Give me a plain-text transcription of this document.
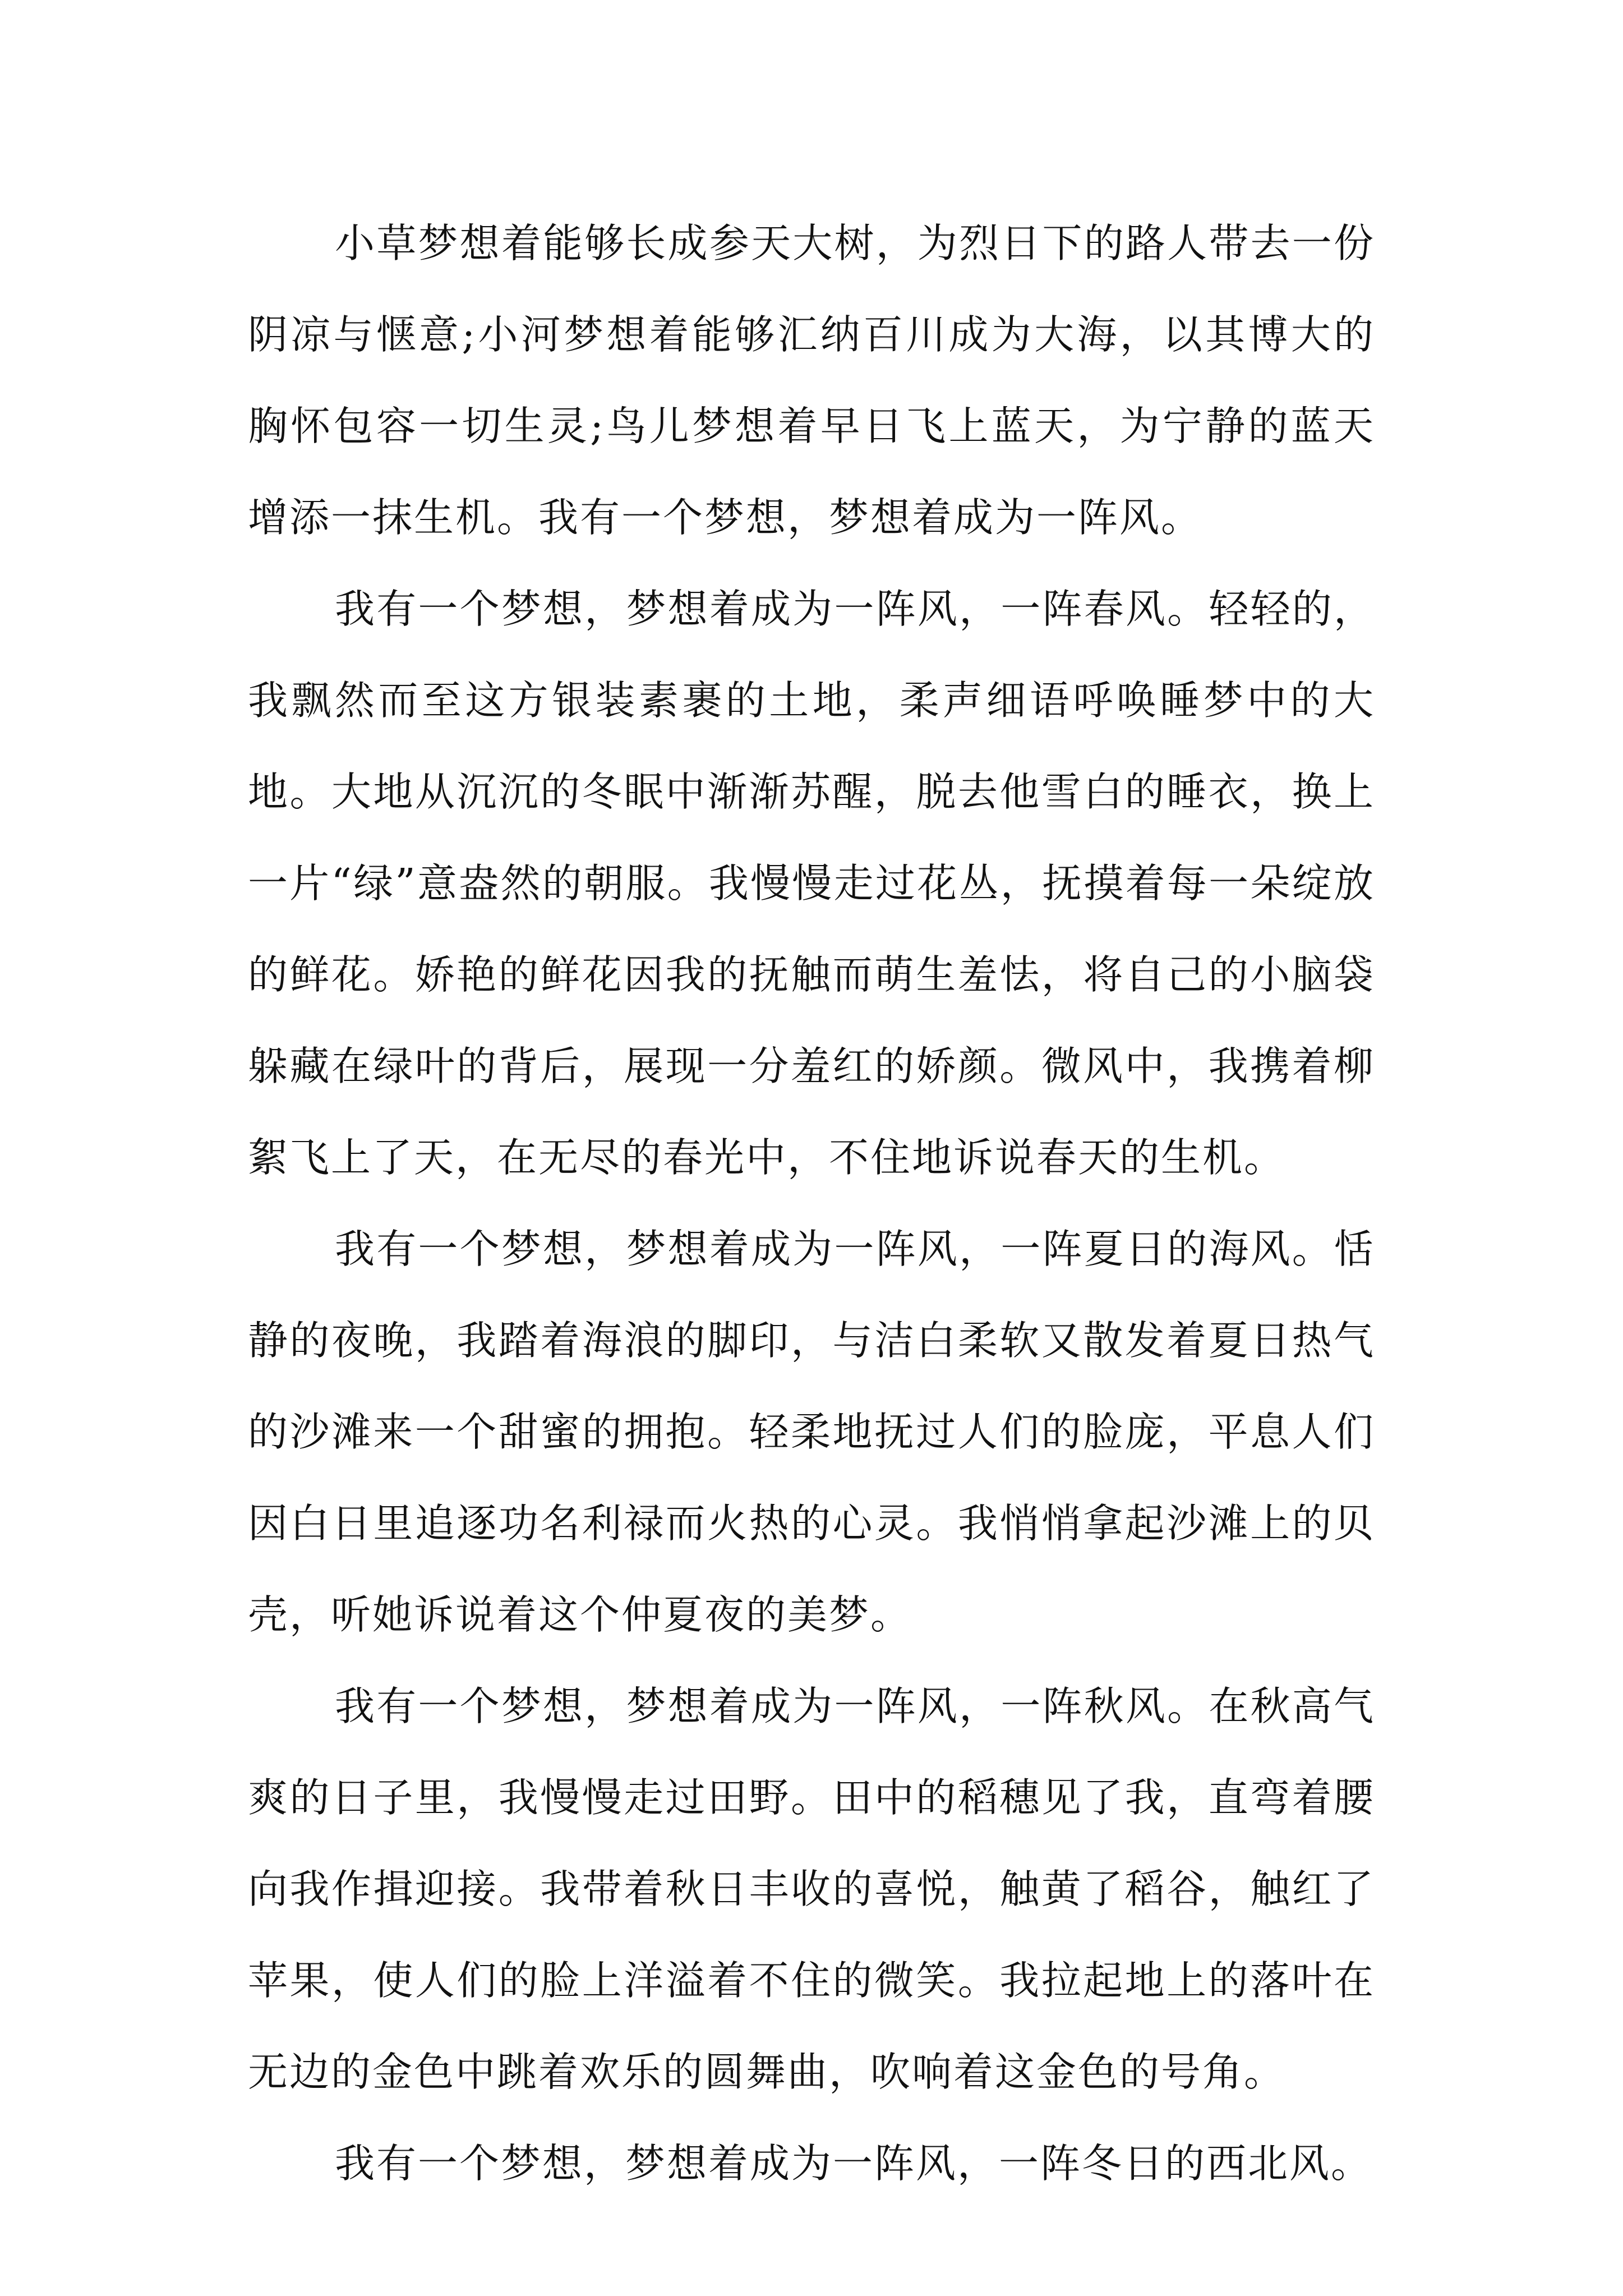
小草梦想着能够长成参天大树，为烈日下的路人带去一份阴凉与惬意;小河梦想着能够汇纳百川成为大海，以其博大的胸怀包容一切生灵;鸟儿梦想着早日飞上蓝天，为宁静的蓝天增添一抹生机。我有一个梦想，梦想着成为一阵风。

我有一个梦想，梦想着成为一阵风，一阵春风。轻轻的，我飘然而至这方银装素裹的土地，柔声细语呼唤睡梦中的大地。大地从沉沉的冬眠中渐渐苏醒，脱去他雪白的睡衣，换上一片“绿”意盎然的朝服。我慢慢走过花丛，抚摸着每一朵绽放的鲜花。娇艳的鲜花因我的抚触而萌生羞怯，将自己的小脑袋躲藏在绿叶的背后，展现一分羞红的娇颜。微风中，我携着柳絮飞上了天，在无尽的春光中，不住地诉说春天的生机。

我有一个梦想，梦想着成为一阵风，一阵夏日的海风。恬静的夜晚，我踏着海浪的脚印，与洁白柔软又散发着夏日热气的沙滩来一个甜蜜的拥抱。轻柔地抚过人们的脸庞，平息人们因白日里追逐功名利禄而火热的心灵。我悄悄拿起沙滩上的贝壳，听她诉说着这个仲夏夜的美梦。

我有一个梦想，梦想着成为一阵风，一阵秋风。在秋高气爽的日子里，我慢慢走过田野。田中的稻穗见了我，直弯着腰向我作揖迎接。我带着秋日丰收的喜悦，触黄了稻谷，触红了苹果，使人们的脸上洋溢着不住的微笑。我拉起地上的落叶在无边的金色中跳着欢乐的圆舞曲，吹响着这金色的号角。

我有一个梦想，梦想着成为一阵风，一阵冬日的西北风。
